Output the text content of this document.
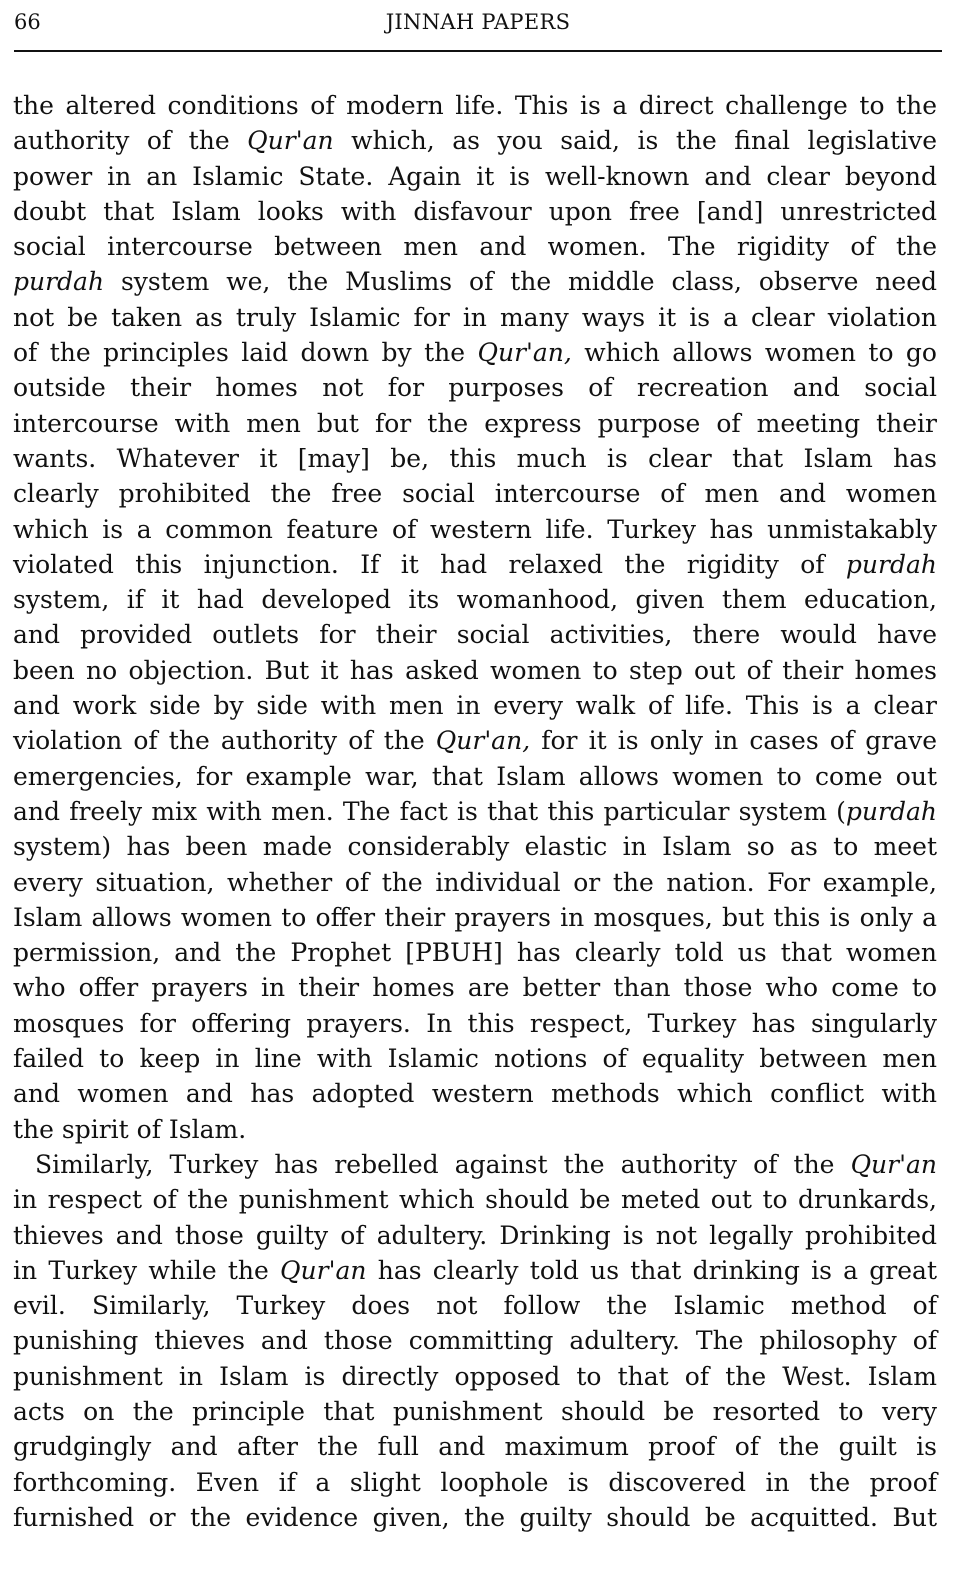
66	JINNAH PAPERS
the altered conditions of modern life. This is a direct challenge to the
authority of the Qur'an which, as you said, is the final legislative
power in an Islamic State. Again it is well-known and clear beyond
doubt that Islam looks with disfavour upon free [and] unrestricted
social intercourse between men and women. The rigidity of the
purdah system we, the Muslims of the middle class, observe need
not be taken as truly Islamic for in many ways it is a clear violation
of the principles laid down by the Qur'an, which allows women to go
outside their homes not for purposes of recreation and social
intercourse with men but for the express purpose of meeting their
wants. Whatever it [may] be, this much is clear that Islam has
clearly prohibited the free social intercourse of men and women
which is a common feature of western life. Turkey has unmistakably
violated this injunction. If it had relaxed the rigidity of purdah
system, if it had developed its womanhood, given them education,
and provided outlets for their social activities, there would have
been no objection. But it has asked women to step out of their homes
and work side by side with men in every walk of life. This is a clear
violation of the authority of the Qur'an, for it is only in cases of grave
emergencies, for example war, that Islam allows women to come out
and freely mix with men. The fact is that this particular system (purdah
system) has been made considerably elastic in Islam so as to meet
every situation, whether of the individual or the nation. For example,
Islam allows women to offer their prayers in mosques, but this is only a
permission, and the Prophet [PBUH] has clearly told us that women
who offer prayers in their homes are better than those who come to
mosques for offering prayers. In this respect, Turkey has singularly
failed to keep in line with Islamic notions of equality between men
and women and has adopted western methods which conflict with
the spirit of Islam.
Similarly, Turkey has rebelled against the authority of the Qur'an
in respect of the punishment which should be meted out to drunkards,
thieves and those guilty of adultery. Drinking is not legally prohibited
in Turkey while the Qur'an has clearly told us that drinking is a great
evil. Similarly, Turkey does not follow the Islamic method of
punishing thieves and those committing adultery. The philosophy of
punishment in Islam is directly opposed to that of the West. Islam
acts on the principle that punishment should be resorted to very
grudgingly and after the full and maximum proof of the guilt is
forthcoming. Even if a slight loophole is discovered in the proof
furnished or the evidence given, the guilty should be acquitted. But
